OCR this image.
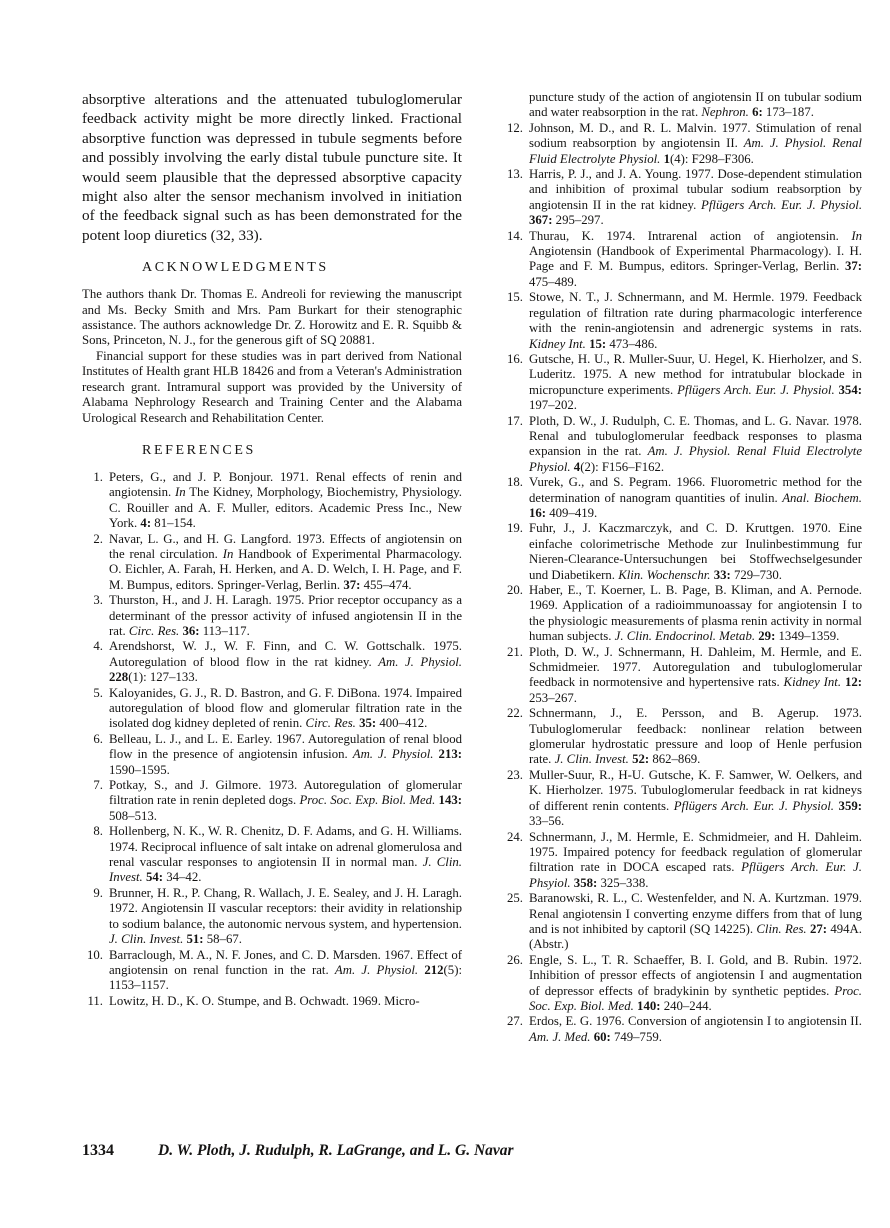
absorptive alterations and the attenuated tubuloglomerular feedback activity might be more directly linked. Fractional absorptive function was depressed in tubule segments before and possibly involving the early distal tubule puncture site. It would seem plausible that the depressed absorptive capacity might also alter the sensor mechanism involved in initiation of the feedback signal such as has been demonstrated for the potent loop diuretics (32, 33).

ACKNOWLEDGMENTS

The authors thank Dr. Thomas E. Andreoli for reviewing the manuscript and Ms. Becky Smith and Mrs. Pam Burkart for their stenographic assistance. The authors acknowledge Dr. Z. Horowitz and E. R. Squibb & Sons, Princeton, N. J., for the generous gift of SQ 20881.

Financial support for these studies was in part derived from National Institutes of Health grant HLB 18426 and from a Veteran's Administration research grant. Intramural support was provided by the University of Alabama Nephrology Research and Training Center and the Alabama Urological Research and Rehabilitation Center.

REFERENCES
1. Peters, G., and J. P. Bonjour. 1971. Renal effects of renin and angiotensin. In The Kidney, Morphology, Biochemistry, Physiology. C. Rouiller and A. F. Muller, editors. Academic Press Inc., New York. 4: 81–154.
2. Navar, L. G., and H. G. Langford. 1973. Effects of angiotensin on the renal circulation. In Handbook of Experimental Pharmacology. O. Eichler, A. Farah, H. Herken, and A. D. Welch, I. H. Page, and F. M. Bumpus, editors. Springer-Verlag, Berlin. 37: 455–474.
3. Thurston, H., and J. H. Laragh. 1975. Prior receptor occupancy as a determinant of the pressor activity of infused angiotensin II in the rat. Circ. Res. 36: 113–117.
4. Arendshorst, W. J., W. F. Finn, and C. W. Gottschalk. 1975. Autoregulation of blood flow in the rat kidney. Am. J. Physiol. 228(1): 127–133.
5. Kaloyanides, G. J., R. D. Bastron, and G. F. DiBona. 1974. Impaired autoregulation of blood flow and glomerular filtration rate in the isolated dog kidney depleted of renin. Circ. Res. 35: 400–412.
6. Belleau, L. J., and L. E. Earley. 1967. Autoregulation of renal blood flow in the presence of angiotensin infusion. Am. J. Physiol. 213: 1590–1595.
7. Potkay, S., and J. Gilmore. 1973. Autoregulation of glomerular filtration rate in renin depleted dogs. Proc. Soc. Exp. Biol. Med. 143: 508–513.
8. Hollenberg, N. K., W. R. Chenitz, D. F. Adams, and G. H. Williams. 1974. Reciprocal influence of salt intake on adrenal glomerulosa and renal vascular responses to angiotensin II in normal man. J. Clin. Invest. 54: 34–42.
9. Brunner, H. R., P. Chang, R. Wallach, J. E. Sealey, and J. H. Laragh. 1972. Angiotensin II vascular receptors: their avidity in relationship to sodium balance, the autonomic nervous system, and hypertension. J. Clin. Invest. 51: 58–67.
10. Barraclough, M. A., N. F. Jones, and C. D. Marsden. 1967. Effect of angiotensin on renal function in the rat. Am. J. Physiol. 212(5): 1153–1157.
11. Lowitz, H. D., K. O. Stumpe, and B. Ochwadt. 1969. Micro-
puncture study of the action of angiotensin II on tubular sodium and water reabsorption in the rat. Nephron. 6: 173–187.
12. Johnson, M. D., and R. L. Malvin. 1977. Stimulation of renal sodium reabsorption by angiotensin II. Am. J. Physiol. Renal Fluid Electrolyte Physiol. 1(4): F298–F306.
13. Harris, P. J., and J. A. Young. 1977. Dose-dependent stimulation and inhibition of proximal tubular sodium reabsorption by angiotensin II in the rat kidney. Pflügers Arch. Eur. J. Physiol. 367: 295–297.
14. Thurau, K. 1974. Intrarenal action of angiotensin. In Angiotensin (Handbook of Experimental Pharmacology). I. H. Page and F. M. Bumpus, editors. Springer-Verlag, Berlin. 37: 475–489.
15. Stowe, N. T., J. Schnermann, and M. Hermle. 1979. Feedback regulation of filtration rate during pharmacologic interference with the renin-angiotensin and adrenergic systems in rats. Kidney Int. 15: 473–486.
16. Gutsche, H. U., R. Muller-Suur, U. Hegel, K. Hierholzer, and S. Luderitz. 1975. A new method for intratubular blockade in micropuncture experiments. Pflügers Arch. Eur. J. Physiol. 354: 197–202.
17. Ploth, D. W., J. Rudulph, C. E. Thomas, and L. G. Navar. 1978. Renal and tubuloglomerular feedback responses to plasma expansion in the rat. Am. J. Physiol. Renal Fluid Electrolyte Physiol. 4(2): F156–F162.
18. Vurek, G., and S. Pegram. 1966. Fluorometric method for the determination of nanogram quantities of inulin. Anal. Biochem. 16: 409–419.
19. Fuhr, J., J. Kaczmarczyk, and C. D. Kruttgen. 1970. Eine einfache colorimetrische Methode zur Inulinbestimmung fur Nieren-Clearance-Untersuchungen bei Stoffwechselgesunder und Diabetikern. Klin. Wochenschr. 33: 729–730.
20. Haber, E., T. Koerner, L. B. Page, B. Kliman, and A. Pernode. 1969. Application of a radioimmunoassay for angiotensin I to the physiologic measurements of plasma renin activity in normal human subjects. J. Clin. Endocrinol. Metab. 29: 1349–1359.
21. Ploth, D. W., J. Schnermann, H. Dahleim, M. Hermle, and E. Schmidmeier. 1977. Autoregulation and tubuloglomerular feedback in normotensive and hypertensive rats. Kidney Int. 12: 253–267.
22. Schnermann, J., E. Persson, and B. Agerup. 1973. Tubuloglomerular feedback: nonlinear relation between glomerular hydrostatic pressure and loop of Henle perfusion rate. J. Clin. Invest. 52: 862–869.
23. Muller-Suur, R., H-U. Gutsche, K. F. Samwer, W. Oelkers, and K. Hierholzer. 1975. Tubuloglomerular feedback in rat kidneys of different renin contents. Pflügers Arch. Eur. J. Physiol. 359: 33–56.
24. Schnermann, J., M. Hermle, E. Schmidmeier, and H. Dahleim. 1975. Impaired potency for feedback regulation of glomerular filtration rate in DOCA escaped rats. Pflügers Arch. Eur. J. Phsyiol. 358: 325–338.
25. Baranowski, R. L., C. Westenfelder, and N. A. Kurtzman. 1979. Renal angiotensin I converting enzyme differs from that of lung and is not inhibited by captoril (SQ 14225). Clin. Res. 27: 494A.(Abstr.)
26. Engle, S. L., T. R. Schaeffer, B. I. Gold, and B. Rubin. 1972. Inhibition of pressor effects of angiotensin I and augmentation of depressor effects of bradykinin by synthetic peptides. Proc. Soc. Exp. Biol. Med. 140: 240–244.
27. Erdos, E. G. 1976. Conversion of angiotensin I to angiotensin II. Am. J. Med. 60: 749–759.
1334	D. W. Ploth, J. Rudulph, R. LaGrange, and L. G. Navar
